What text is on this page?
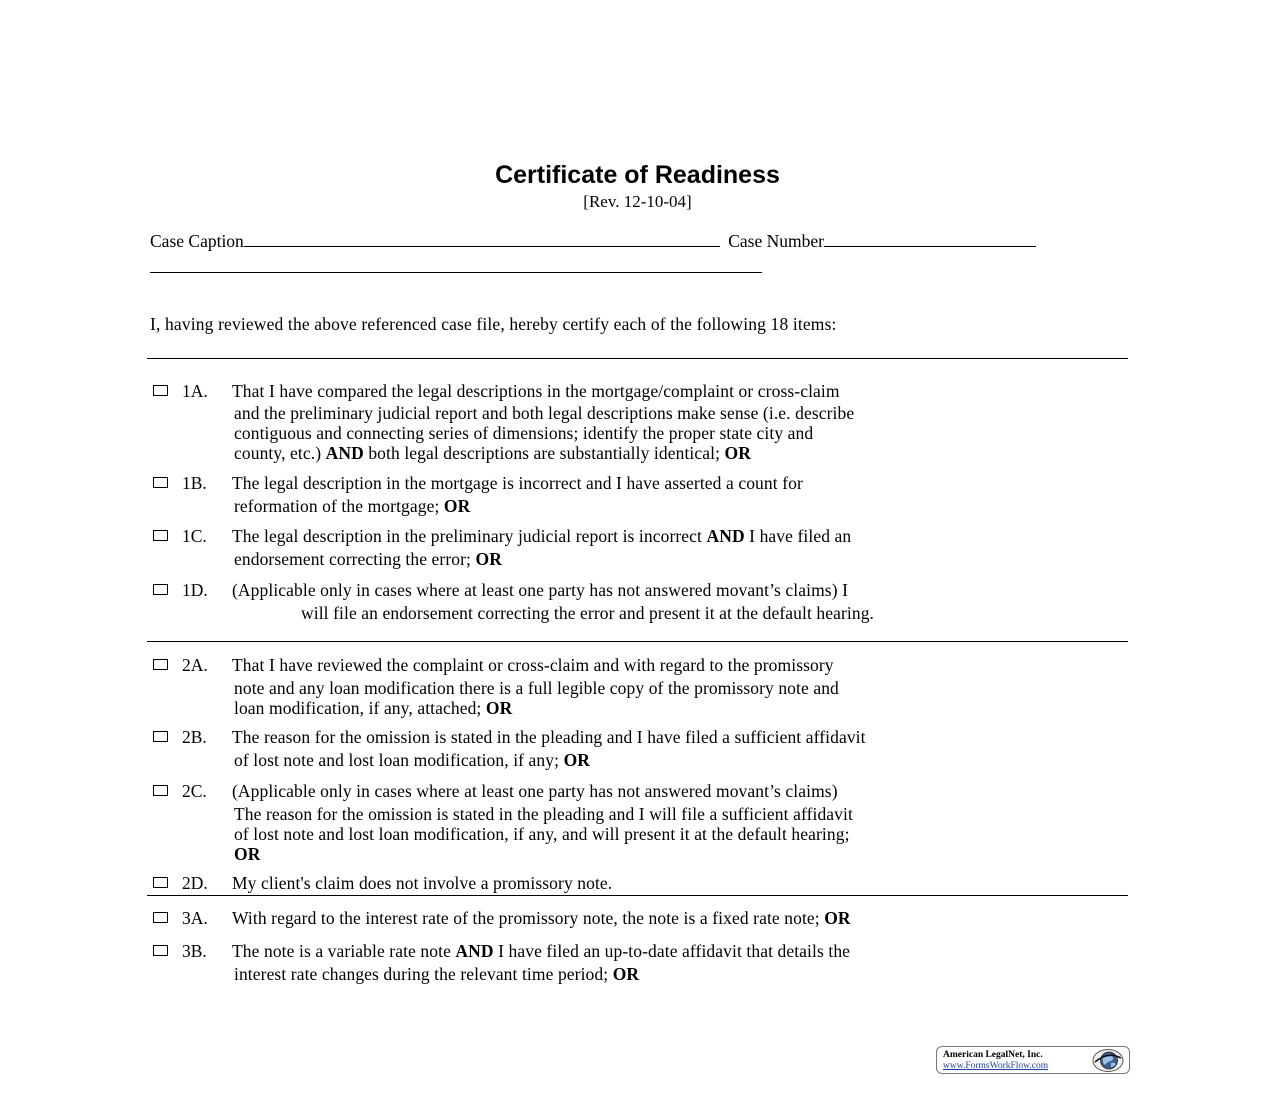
Certificate of Readiness
[Rev. 12-10-04]
Case Caption	Case Number
I, having reviewed the above referenced case file, hereby certify each of the following 18 items:
1A. That I have compared the legal descriptions in the mortgage/complaint or cross-claim
and the preliminary judicial report and both legal descriptions make sense (i.e. describe
contiguous and connecting series of dimensions; identify the proper state city and
county, etc.) AND both legal descriptions are substantially identical; OR
1B. The legal description in the mortgage is incorrect and I have asserted a count for
reformation of the mortgage; OR
1C. The legal description in the preliminary judicial report is incorrect AND I have filed an
endorsement correcting the error; OR
1D. (Applicable only in cases where at least one party has not answered movant’s claims) I
will file an endorsement correcting the error and present it at the default hearing.
2A. That I have reviewed the complaint or cross-claim and with regard to the promissory
note and any loan modification there is a full legible copy of the promissory note and
loan modification, if any, attached; OR
2B. The reason for the omission is stated in the pleading and I have filed a sufficient affidavit
of lost note and lost loan modification, if any; OR
2C. (Applicable only in cases where at least one party has not answered movant’s claims)
The reason for the omission is stated in the pleading and I will file a sufficient affidavit
of lost note and lost loan modification, if any, and will present it at the default hearing;
OR
2D. My client's claim does not involve a promissory note.
3A. With regard to the interest rate of the promissory note, the note is a fixed rate note; OR
3B. The note is a variable rate note AND I have filed an up-to-date affidavit that details the
interest rate changes during the relevant time period; OR
American LegalNet, Inc.
www.FormsWorkFlow.com
